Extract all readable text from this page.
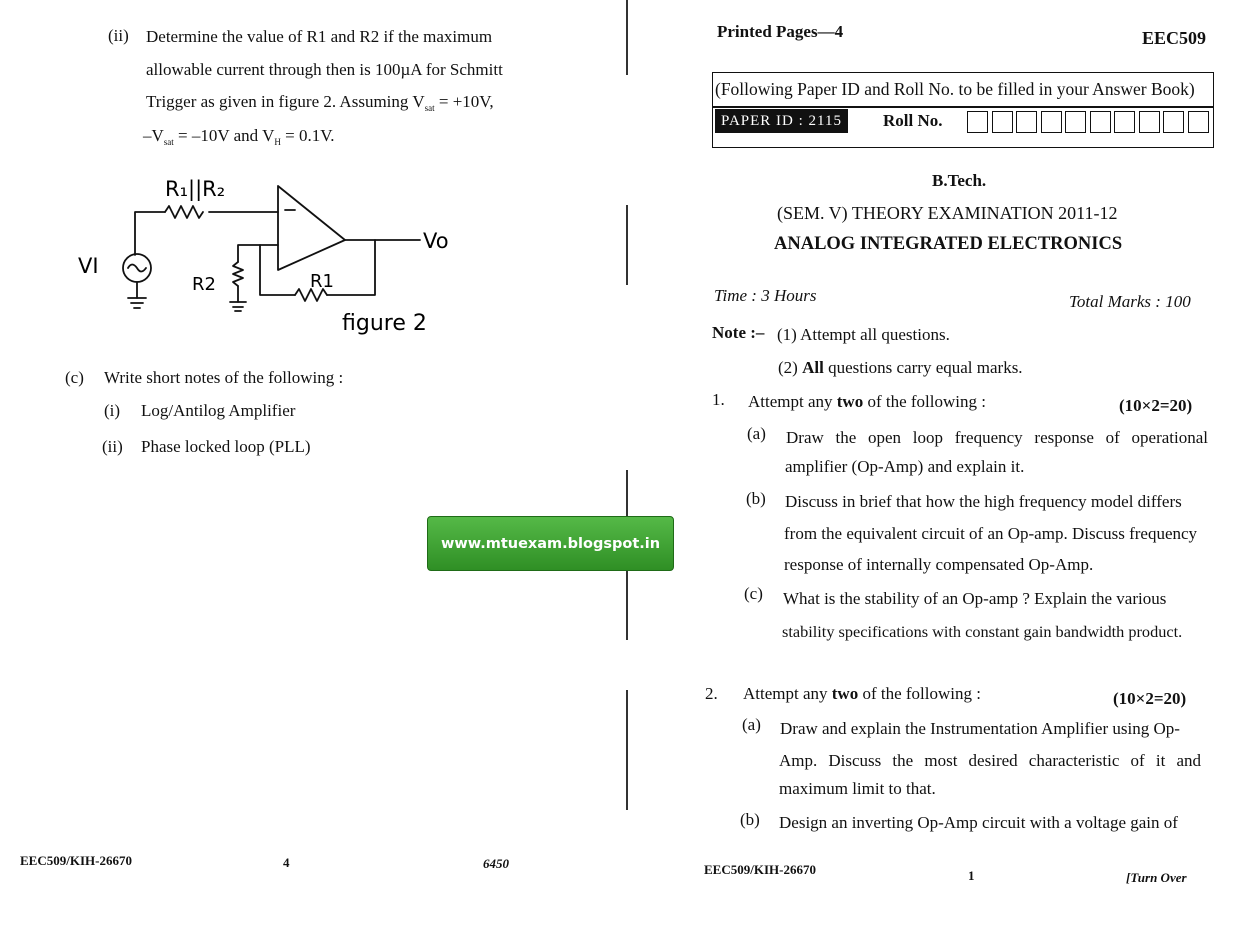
(ii) Determine the value of R1 and R2 if the maximum
allowable current through then is 100µA for Schmitt
Trigger as given in figure 2. Assuming $V_{sat} = +10V$,
$-V_{sat} = -10V$ and $V_H = 0.1V$.
R₁||R₂
VI
R2	R1
Vo
figure 2
(c) Write short notes of the following :
(i) Log/Antilog Amplifier
(ii) Phase locked loop (PLL)
EEC509/KIH-26670	4	6450
Printed Pages—4	EEC509
(Following Paper ID and Roll No. to be filled in your Answer Book)
PAPER ID : 2115	Roll No.
B.Tech.
(SEM. V) THEORY EXAMINATION 2011-12
ANALOG INTEGRATED ELECTRONICS
Time : 3 Hours	Total Marks : 100
Note :– (1) Attempt all questions.
(2) All questions carry equal marks.
1. Attempt any two of the following :	(10×2=20)
(a) Draw the open loop frequency response of operational
amplifier (Op-Amp) and explain it.
(b) Discuss in brief that how the high frequency model differs
from the equivalent circuit of an Op-amp. Discuss frequency
response of internally compensated Op-Amp.
(c) What is the stability of an Op-amp ? Explain the various
stability specifications with constant gain bandwidth product.
2. Attempt any two of the following :	(10×2=20)
(a) Draw and explain the Instrumentation Amplifier using Op-
Amp. Discuss the most desired characteristic of it and
maximum limit to that.
(b) Design an inverting Op-Amp circuit with a voltage gain of
EEC509/KIH-26670	1	[Turn Over
www.mtuexam.blogspot.in
